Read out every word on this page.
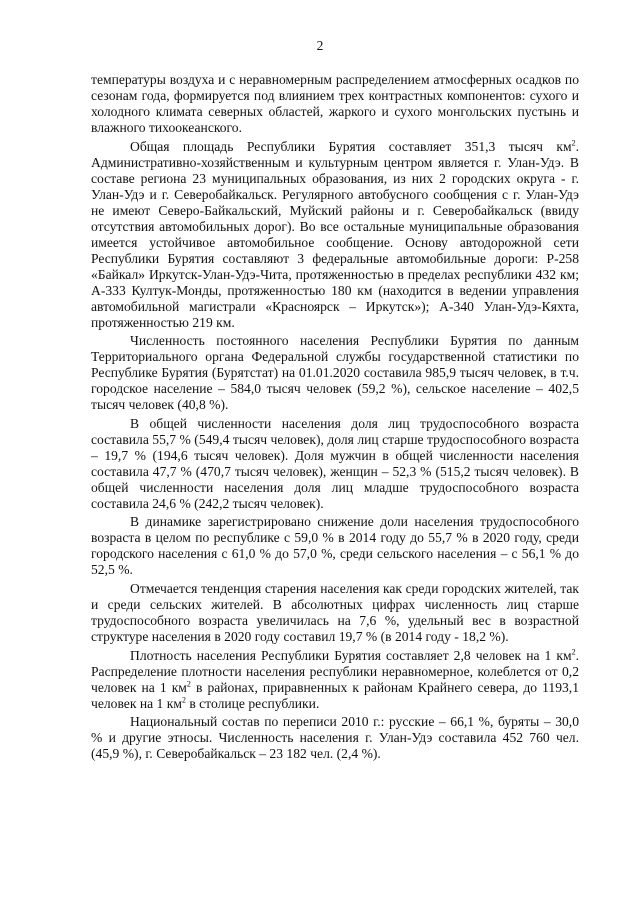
2

температуры воздуха и с неравномерным распределением атмосферных осадков по сезонам года, формируется под влиянием трех контрастных компонентов: сухого и холодного климата северных областей, жаркого и сухого монгольских пустынь и влажного тихоокеанского.

Общая площадь Республики Бурятия составляет 351,3 тысяч $км^2$. Административно-хозяйственным и культурным центром является г. Улан-Удэ. В составе региона 23 муниципальных образования, из них 2 городских округа - г. Улан-Удэ и г. Северобайкальск. Регулярного автобусного сообщения с г. Улан-Удэ не имеют Северо-Байкальский, Муйский районы и г. Северобайкальск (ввиду отсутствия автомобильных дорог). Во все остальные муниципальные образования имеется устойчивое автомобильное сообщение. Основу автодорожной сети Республики Бурятия составляют 3 федеральные автомобильные дороги: Р-258 «Байкал» Иркутск-Улан-Удэ-Чита, протяженностью в пределах республики 432 км; А-333 Култук-Монды, протяженностью 180 км (находится в ведении управления автомобильной магистрали «Красноярск – Иркутск»); А-340 Улан-Удэ-Кяхта, протяженностью 219 км.

Численность постоянного населения Республики Бурятия по данным Территориального органа Федеральной службы государственной статистики по Республике Бурятия (Бурятстат) на 01.01.2020 составила 985,9 тысяч человек, в т.ч. городское население – 584,0 тысяч человек (59,2 %), сельское население – 402,5 тысяч человек (40,8 %).

В общей численности населения доля лиц трудоспособного возраста составила 55,7 % (549,4 тысяч человек), доля лиц старше трудоспособного возраста – 19,7 % (194,6 тысяч человек). Доля мужчин в общей численности населения составила 47,7 % (470,7 тысяч человек), женщин – 52,3 % (515,2 тысяч человек). В общей численности населения доля лиц младше трудоспособного возраста составила 24,6 % (242,2 тысяч человек).

В динамике зарегистрировано снижение доли населения трудоспособного возраста в целом по республике с 59,0 % в 2014 году до 55,7 % в 2020 году, среди городского населения с 61,0 % до 57,0 %, среди сельского населения – с 56,1 % до 52,5 %.

Отмечается тенденция старения населения как среди городских жителей, так и среди сельских жителей. В абсолютных цифрах численность лиц старше трудоспособного возраста увеличилась на 7,6 %, удельный вес в возрастной структуре населения в 2020 году составил 19,7 % (в 2014 году - 18,2 %).

Плотность населения Республики Бурятия составляет 2,8 человек на 1 $км^2$. Распределение плотности населения республики неравномерное, колеблется от 0,2 человек на 1 $км^2$ в районах, приравненных к районам Крайнего севера, до 1193,1 человек на 1 $км^2$ в столице республики.

Национальный состав по переписи 2010 г.: русские – 66,1 %, буряты – 30,0 % и другие этносы. Численность населения г. Улан-Удэ составила 452 760 чел. (45,9 %), г. Северобайкальск – 23 182 чел. (2,4 %).
